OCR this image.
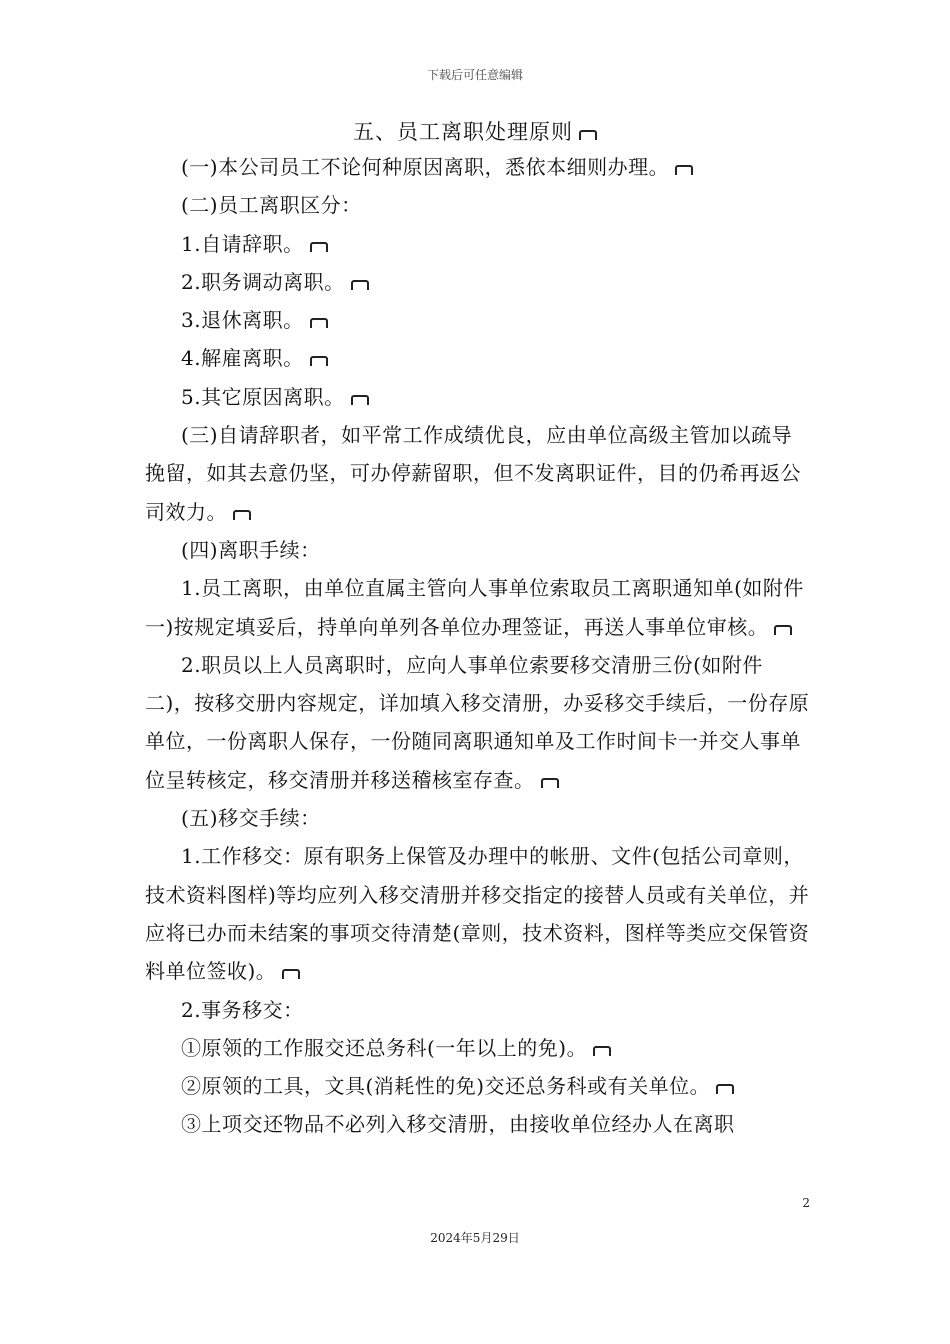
下载后可任意编辑
五、员工离职处理原则

(一)本公司员工不论何种原因离职，悉依本细则办理。

(二)员工离职区分：

1.自请辞职。

2.职务调动离职。

3.退休离职。

4.解雇离职。

5.其它原因离职。

(三)自请辞职者，如平常工作成绩优良，应由单位高级主管加以疏导挽留，如其去意仍坚，可办停薪留职，但不发离职证件，目的仍希再返公司效力。

(四)离职手续：

1.员工离职，由单位直属主管向人事单位索取员工离职通知单(如附件一)按规定填妥后，持单向单列各单位办理签证，再送人事单位审核。

2.职员以上人员离职时，应向人事单位索要移交清册三份(如附件二)，按移交册内容规定，详加填入移交清册，办妥移交手续后，一份存原单位，一份离职人保存，一份随同离职通知单及工作时间卡一并交人事单位呈转核定，移交清册并移送稽核室存查。

(五)移交手续：

1.工作移交：原有职务上保管及办理中的帐册、文件(包括公司章则，技术资料图样)等均应列入移交清册并移交指定的接替人员或有关单位，并应将已办而未结案的事项交待清楚(章则，技术资料，图样等类应交保管资料单位签收)。

2.事务移交：

①原领的工作服交还总务科(一年以上的免)。

②原领的工具，文具(消耗性的免)交还总务科或有关单位。

③上项交还物品不必列入移交清册，由接收单位经办人在离职

2
2024年5月29日
